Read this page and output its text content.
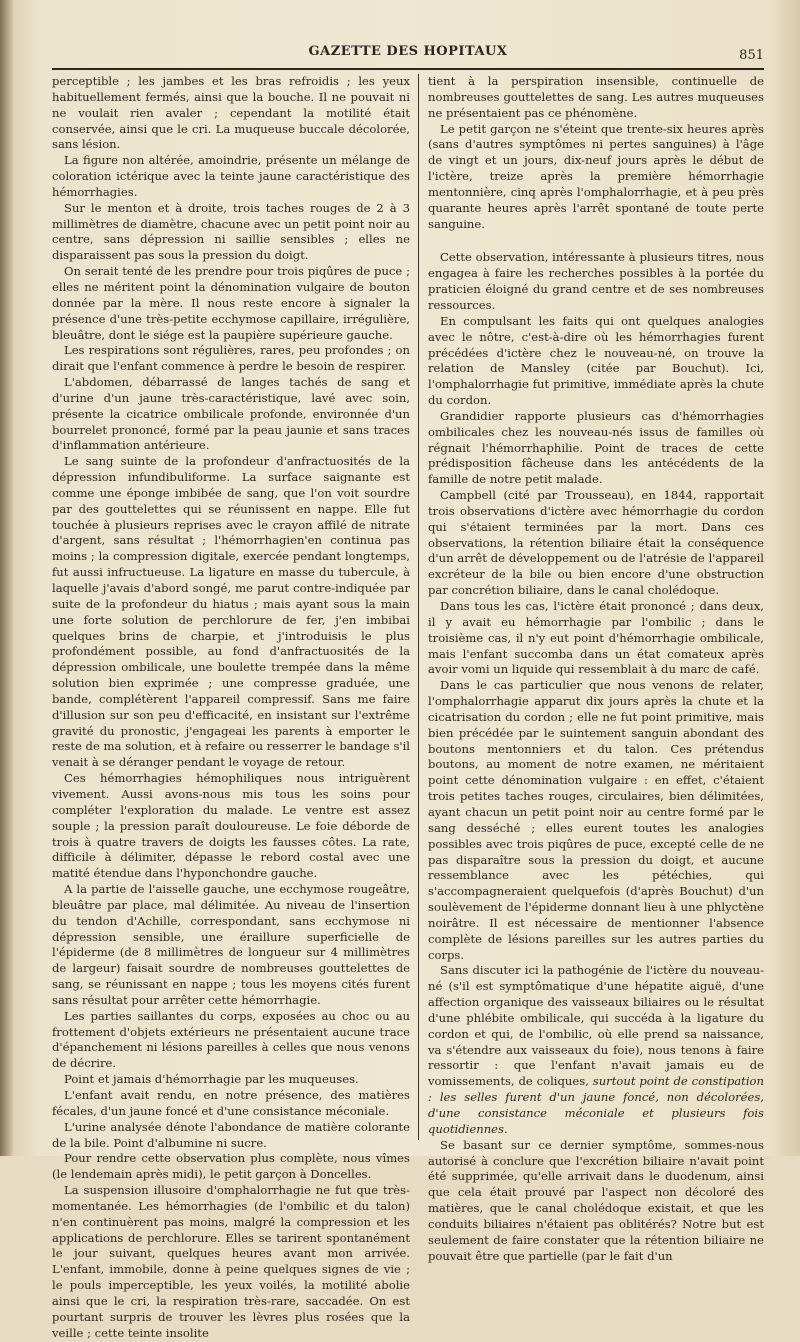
GAZETTE DES HOPITAUX	851

perceptible ; les jambes et les bras refroidis ; les yeux habituellement fermés, ainsi que la bouche. Il ne pouvait ni ne voulait rien avaler ; cependant la motilité était conservée, ainsi que le cri. La muqueuse buccale décolorée, sans lésion.

La figure non altérée, amoindrie, présente un mélange de coloration ictérique avec la teinte jaune caractéristique des hémorrhagies.

Sur le menton et à droite, trois taches rouges de 2 à 3 millimètres de diamètre, chacune avec un petit point noir au centre, sans dépression ni saillie sensibles ; elles ne disparaissent pas sous la pression du doigt.

On serait tenté de les prendre pour trois piqûres de puce ; elles ne méritent point la dénomination vulgaire de bouton donnée par la mère. Il nous reste encore à signaler la présence d'une très-petite ecchymose capillaire, irrégulière, bleuâtre, dont le siége est la paupière supérieure gauche.

Les respirations sont régulières, rares, peu profondes ; on dirait que l'enfant commence à perdre le besoin de respirer.

L'abdomen, débarrassé de langes tachés de sang et d'urine d'un jaune très-caractéristique, lavé avec soin, présente la cicatrice ombilicale profonde, environnée d'un bourrelet prononcé, formé par la peau jaunie et sans traces d'inflammation antérieure.

Le sang suinte de la profondeur d'anfractuosités de la dépression infundibuliforme. La surface saignante est comme une éponge imbibée de sang, que l'on voit sourdre par des gouttelettes qui se réunissent en nappe. Elle fut touchée à plusieurs reprises avec le crayon affilé de nitrate d'argent, sans résultat ; l'hémorrhagien'en continua pas moins ; la compression digitale, exercée pendant longtemps, fut aussi infructueuse. La ligature en masse du tubercule, à laquelle j'avais d'abord songé, me parut contre-indiquée par suite de la profondeur du hiatus ; mais ayant sous la main une forte solution de perchlorure de fer, j'en imbibai quelques brins de charpie, et j'introduisis le plus profondément possible, au fond d'anfractuosités de la dépression ombilicale, une boulette trempée dans la même solution bien exprimée ; une compresse graduée, une bande, complétèrent l'appareil compressif. Sans me faire d'illusion sur son peu d'efficacité, en insistant sur l'extrême gravité du pronostic, j'engageai les parents à emporter le reste de ma solution, et à refaire ou resserrer le bandage s'il venait à se déranger pendant le voyage de retour.

Ces hémorrhagies hémophiliques nous intriguèrent vivement. Aussi avons-nous mis tous les soins pour compléter l'exploration du malade. Le ventre est assez souple ; la pression paraît douloureuse. Le foie déborde de trois à quatre travers de doigts les fausses côtes. La rate, difficile à délimiter, dépasse le rebord costal avec une matité étendue dans l'hyponchondre gauche.

A la partie de l'aisselle gauche, une ecchymose rougeâtre, bleuâtre par place, mal délimitée. Au niveau de l'insertion du tendon d'Achille, correspondant, sans ecchymose ni dépression sensible, une éraillure superficielle de l'épiderme (de 8 millimètres de longueur sur 4 millimètres de largeur) faisait sourdre de nombreuses gouttelettes de sang, se réunissant en nappe ; tous les moyens cités furent sans résultat pour arrêter cette hémorrhagie.

Les parties saillantes du corps, exposées au choc ou au frottement d'objets extérieurs ne présentaient aucune trace d'épanchement ni lésions pareilles à celles que nous venons de décrire.

Point et jamais d'hémorrhagie par les muqueuses.

L'enfant avait rendu, en notre présence, des matières fécales, d'un jaune foncé et d'une consistance méconiale.

L'urine analysée dénote l'abondance de matière colorante de la bile. Point d'albumine ni sucre.

Pour rendre cette observation plus complète, nous vîmes (le lendemain après midi), le petit garçon à Doncelles.

La suspension illusoire d'omphalorrhagie ne fut que très-momentanée. Les hémorrhagies (de l'ombilic et du talon) n'en continuèrent pas moins, malgré la compression et les applications de perchlorure. Elles se tarirent spontanément le jour suivant, quelques heures avant mon arrivée. L'enfant, immobile, donne à peine quelques signes de vie ; le pouls imperceptible, les yeux voilés, la motilité abolie ainsi que le cri, la respiration très-rare, saccadée. On est pourtant surpris de trouver les lèvres plus rosées que la veille ; cette teinte insolite

tient à la perspiration insensible, continuelle de nombreuses gouttelettes de sang. Les autres muqueuses ne présentaient pas ce phénomène.

Le petit garçon ne s'éteint que trente-six heures après (sans d'autres symptômes ni pertes sanguines) à l'âge de vingt et un jours, dix-neuf jours après le début de l'ictère, treize après la première hémorrhagie mentonnière, cinq après l'omphalorrhagie, et à peu près quarante heures après l'arrêt spontané de toute perte sanguine.

Cette observation, intéressante à plusieurs titres, nous engagea à faire les recherches possibles à la portée du praticien éloigné du grand centre et de ses nombreuses ressources.

En compulsant les faits qui ont quelques analogies avec le nôtre, c'est-à-dire où les hémorrhagies furent précédées d'ictère chez le nouveau-né, on trouve la relation de Mansley (citée par Bouchut). Ici, l'omphalorrhagie fut primitive, immédiate après la chute du cordon.

Grandidier rapporte plusieurs cas d'hémorrhagies ombilicales chez les nouveau-nés issus de familles où régnait l'hémorrhaphilie. Point de traces de cette prédisposition fâcheuse dans les antécédents de la famille de notre petit malade.

Campbell (cité par Trousseau), en 1844, rapportait trois observations d'ictère avec hémorrhagie du cordon qui s'étaient terminées par la mort. Dans ces observations, la rétention biliaire était la conséquence d'un arrêt de développement ou de l'atrésie de l'appareil excréteur de la bile ou bien encore d'une obstruction par concrétion biliaire, dans le canal cholédoque.

Dans tous les cas, l'ictère était prononcé ; dans deux, il y avait eu hémorrhagie par l'ombilic ; dans le troisième cas, il n'y eut point d'hémorrhagie ombilicale, mais l'enfant succomba dans un état comateux après avoir vomi un liquide qui ressemblait à du marc de café.

Dans le cas particulier que nous venons de relater, l'omphalorrhagie apparut dix jours après la chute et la cicatrisation du cordon ; elle ne fut point primitive, mais bien précédée par le suintement sanguin abondant des boutons mentonniers et du talon. Ces prétendus boutons, au moment de notre examen, ne méritaient point cette dénomination vulgaire : en effet, c'étaient trois petites taches rouges, circulaires, bien délimitées, ayant chacun un petit point noir au centre formé par le sang desséché ; elles eurent toutes les analogies possibles avec trois piqûres de puce, excepté celle de ne pas disparaître sous la pression du doigt, et aucune ressemblance avec les pétéchies, qui s'accompagneraient quelquefois (d'après Bouchut) d'un soulèvement de l'épiderme donnant lieu à une phlyctène noirâtre. Il est nécessaire de mentionner l'absence complète de lésions pareilles sur les autres parties du corps.

Sans discuter ici la pathogénie de l'ictère du nouveau-né (s'il est symptômatique d'une hépatite aiguë, d'une affection organique des vaisseaux biliaires ou le résultat d'une phlébite ombilicale, qui succéda à la ligature du cordon et qui, de l'ombilic, où elle prend sa naissance, va s'étendre aux vaisseaux du foie), nous tenons à faire ressortir : que l'enfant n'avait jamais eu de vomissements, de coliques, surtout point de constipation : les selles furent d'un jaune foncé, non décolorées, d'une consistance méconiale et plusieurs fois quotidiennes.

Se basant sur ce dernier symptôme, sommes-nous autorisé à conclure que l'excrétion biliaire n'avait point été supprimée, qu'elle arrivait dans le duodenum, ainsi que cela était prouvé par l'aspect non décoloré des matières, que le canal cholédoque existait, et que les conduits biliaires n'étaient pas oblitérés? Notre but est seulement de faire constater que la rétention biliaire ne pouvait être que partielle (par le fait d'un
